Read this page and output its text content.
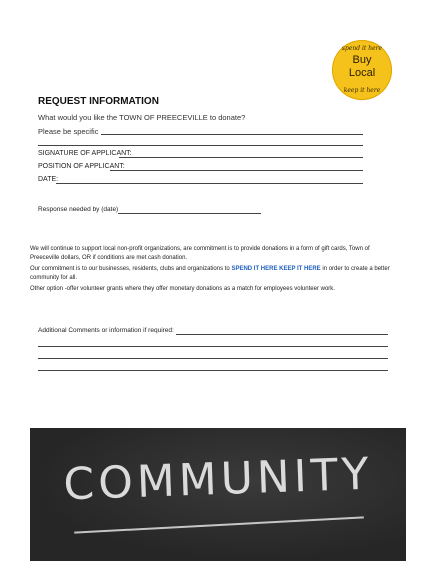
spend it here
Buy
Local
keep it here
REQUEST INFORMATION
What would you like the TOWN OF PREECEVILLE to donate?
Please be specific
SIGNATURE OF APPLICANT:
POSITION OF APPLICANT:
DATE:
Response needed by (date)
We will continue to support local non-profit organizations, are commitment is to provide donations in a form of gift cards, Town of Preeceville dollars, OR if conditions are met cash donation.
Our commitment is to our businesses, residents, clubs and organizations to SPEND IT HERE KEEP IT HERE in order to create a better community for all.
Other option -offer volunteer grants where they offer monetary donations as a match for employees volunteer work.
Additional Comments or information if required:
COMMUNITY
